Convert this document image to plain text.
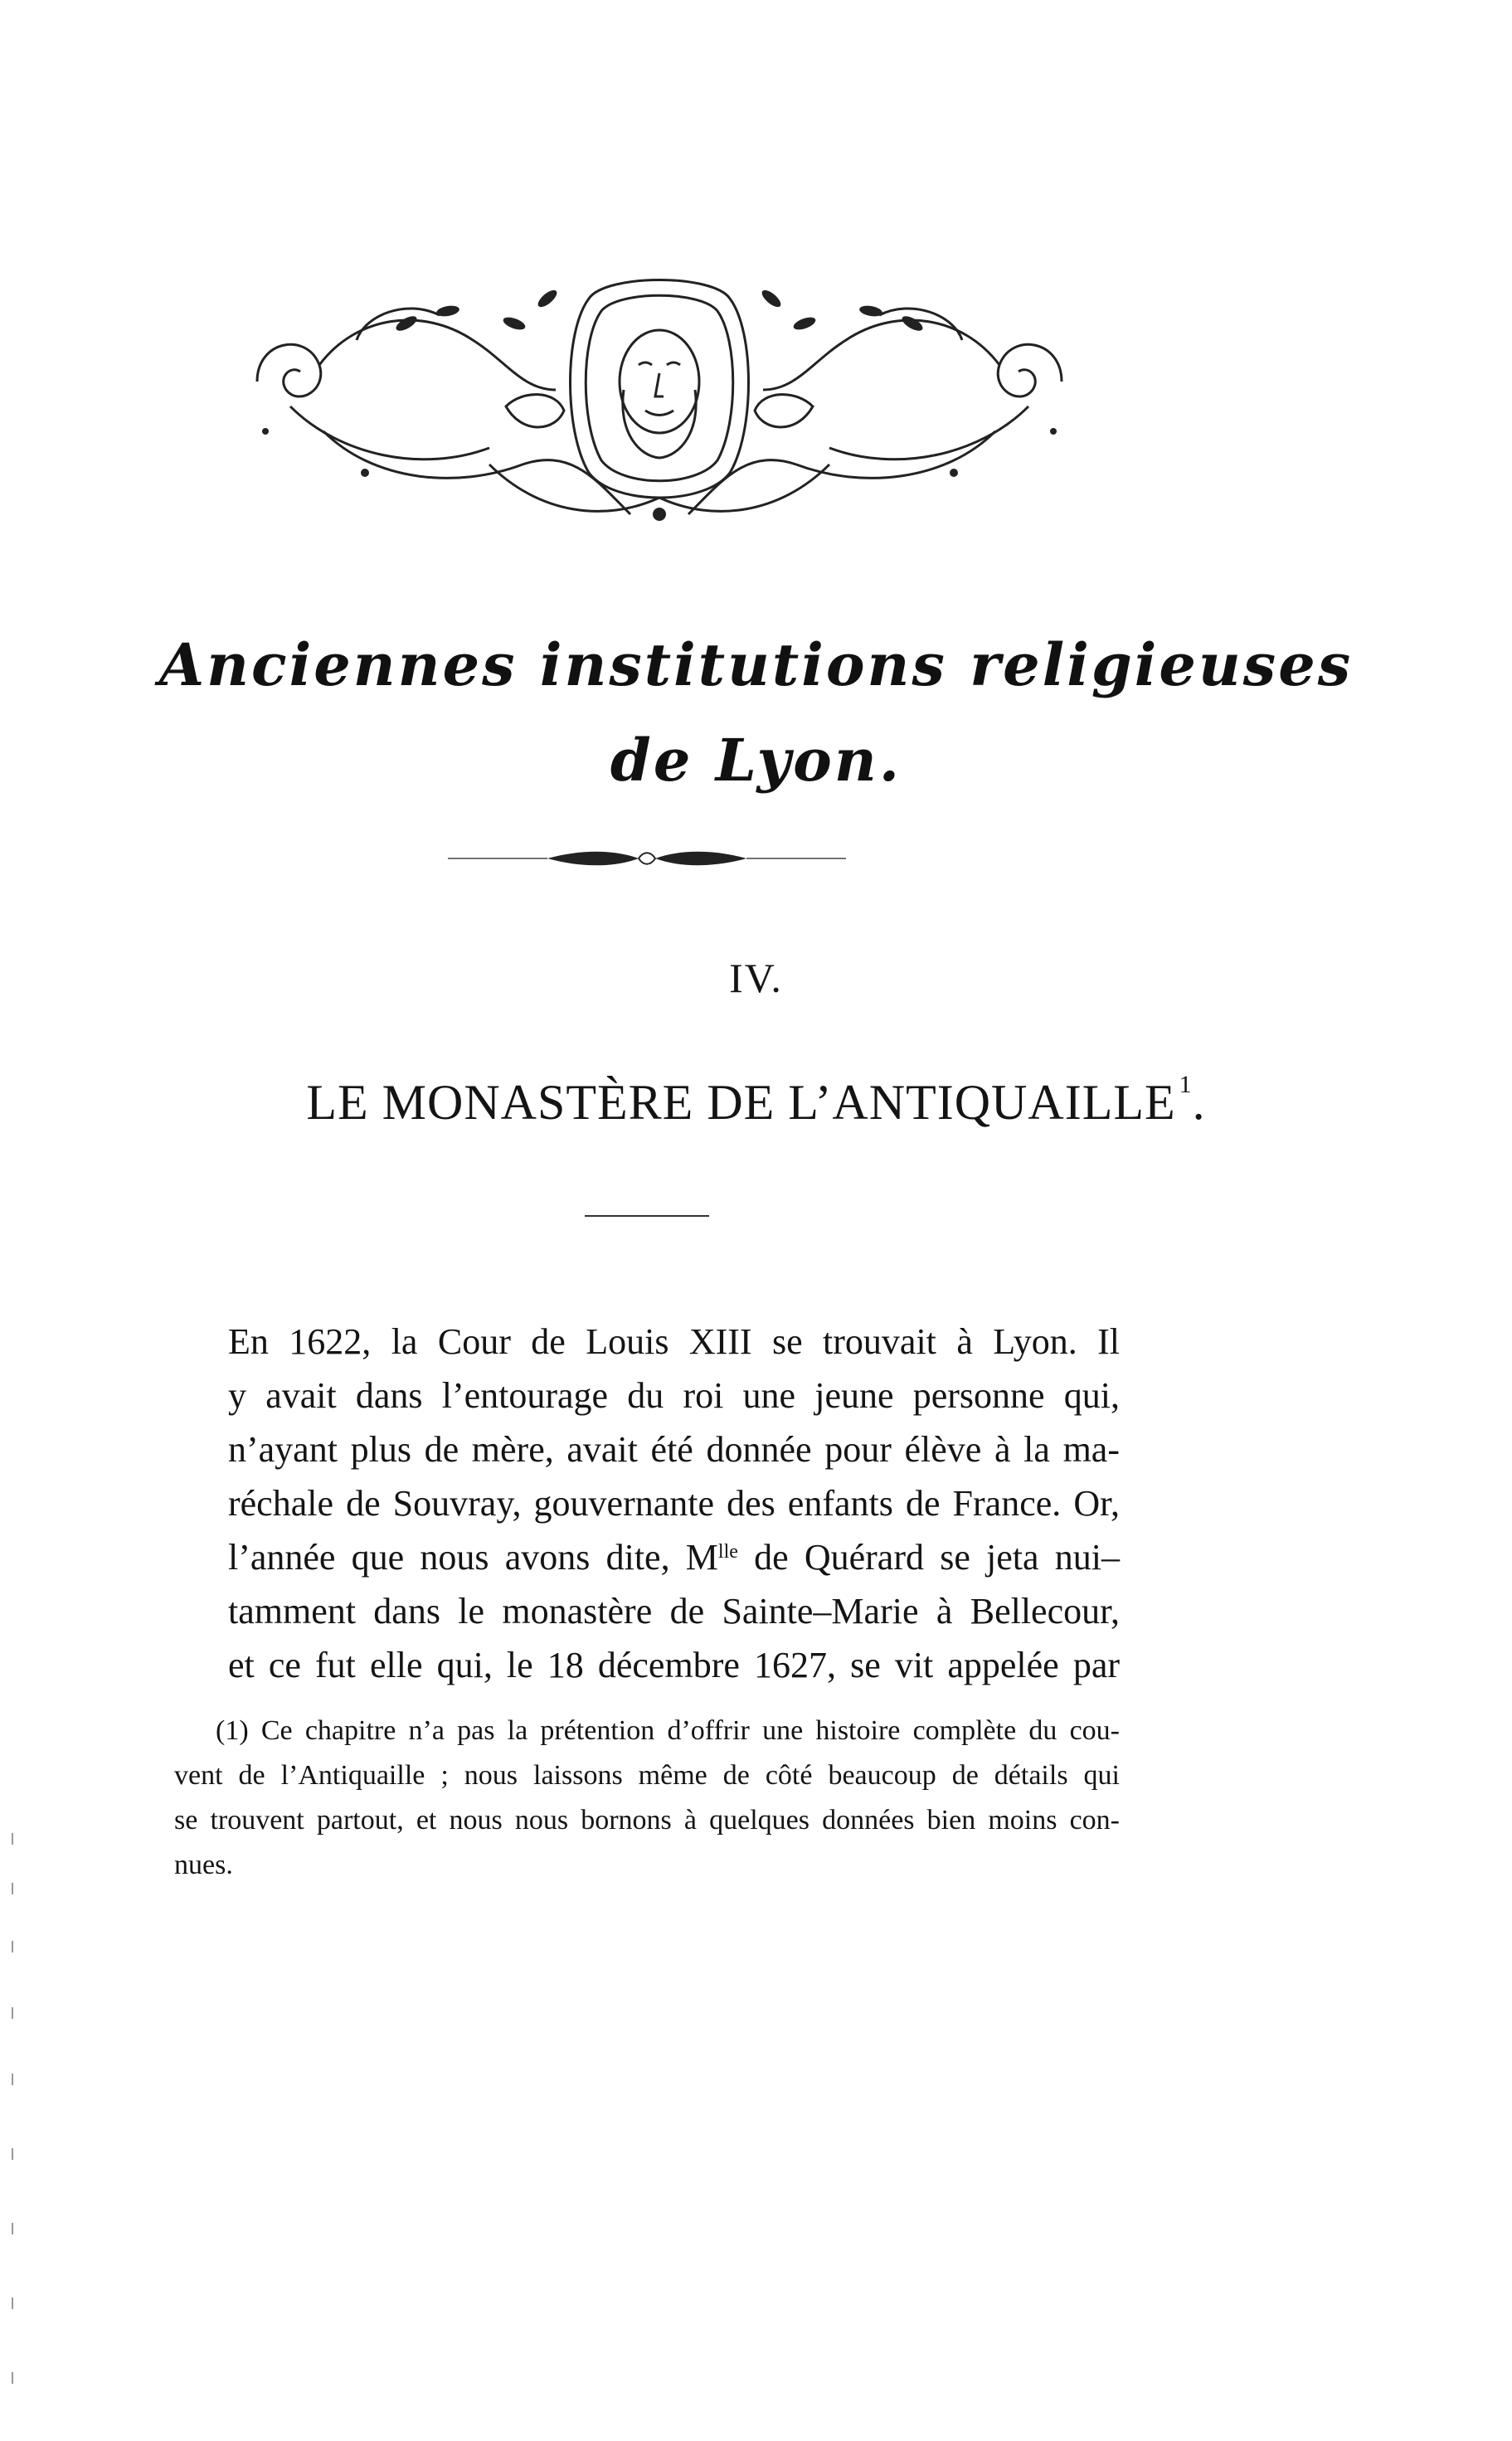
Anciennes institutions religieuses
de Lyon.
IV.
LE MONASTÈRE DE L’ANTIQUAILLE $^1$.
En 1622, la Cour de Louis XIII se trouvait à Lyon. Il
y avait dans l’entourage du roi une jeune personne qui,
n’ayant plus de mère, avait été donnée pour élève à la ma-
réchale de Souvray, gouvernante des enfants de France. Or,
l’année que nous avons dite, $M^{lle}$ de Quérard se jeta nui–
tamment dans le monastère de Sainte–Marie à Bellecour,
et ce fut elle qui, le 18 décembre 1627, se vit appelée par
(1) Ce chapitre n’a pas la prétention d’offrir une histoire complète du cou-
vent de l’Antiquaille ; nous laissons même de côté beaucoup de détails qui
se trouvent partout, et nous nous bornons à quelques données bien moins con-
nues.
